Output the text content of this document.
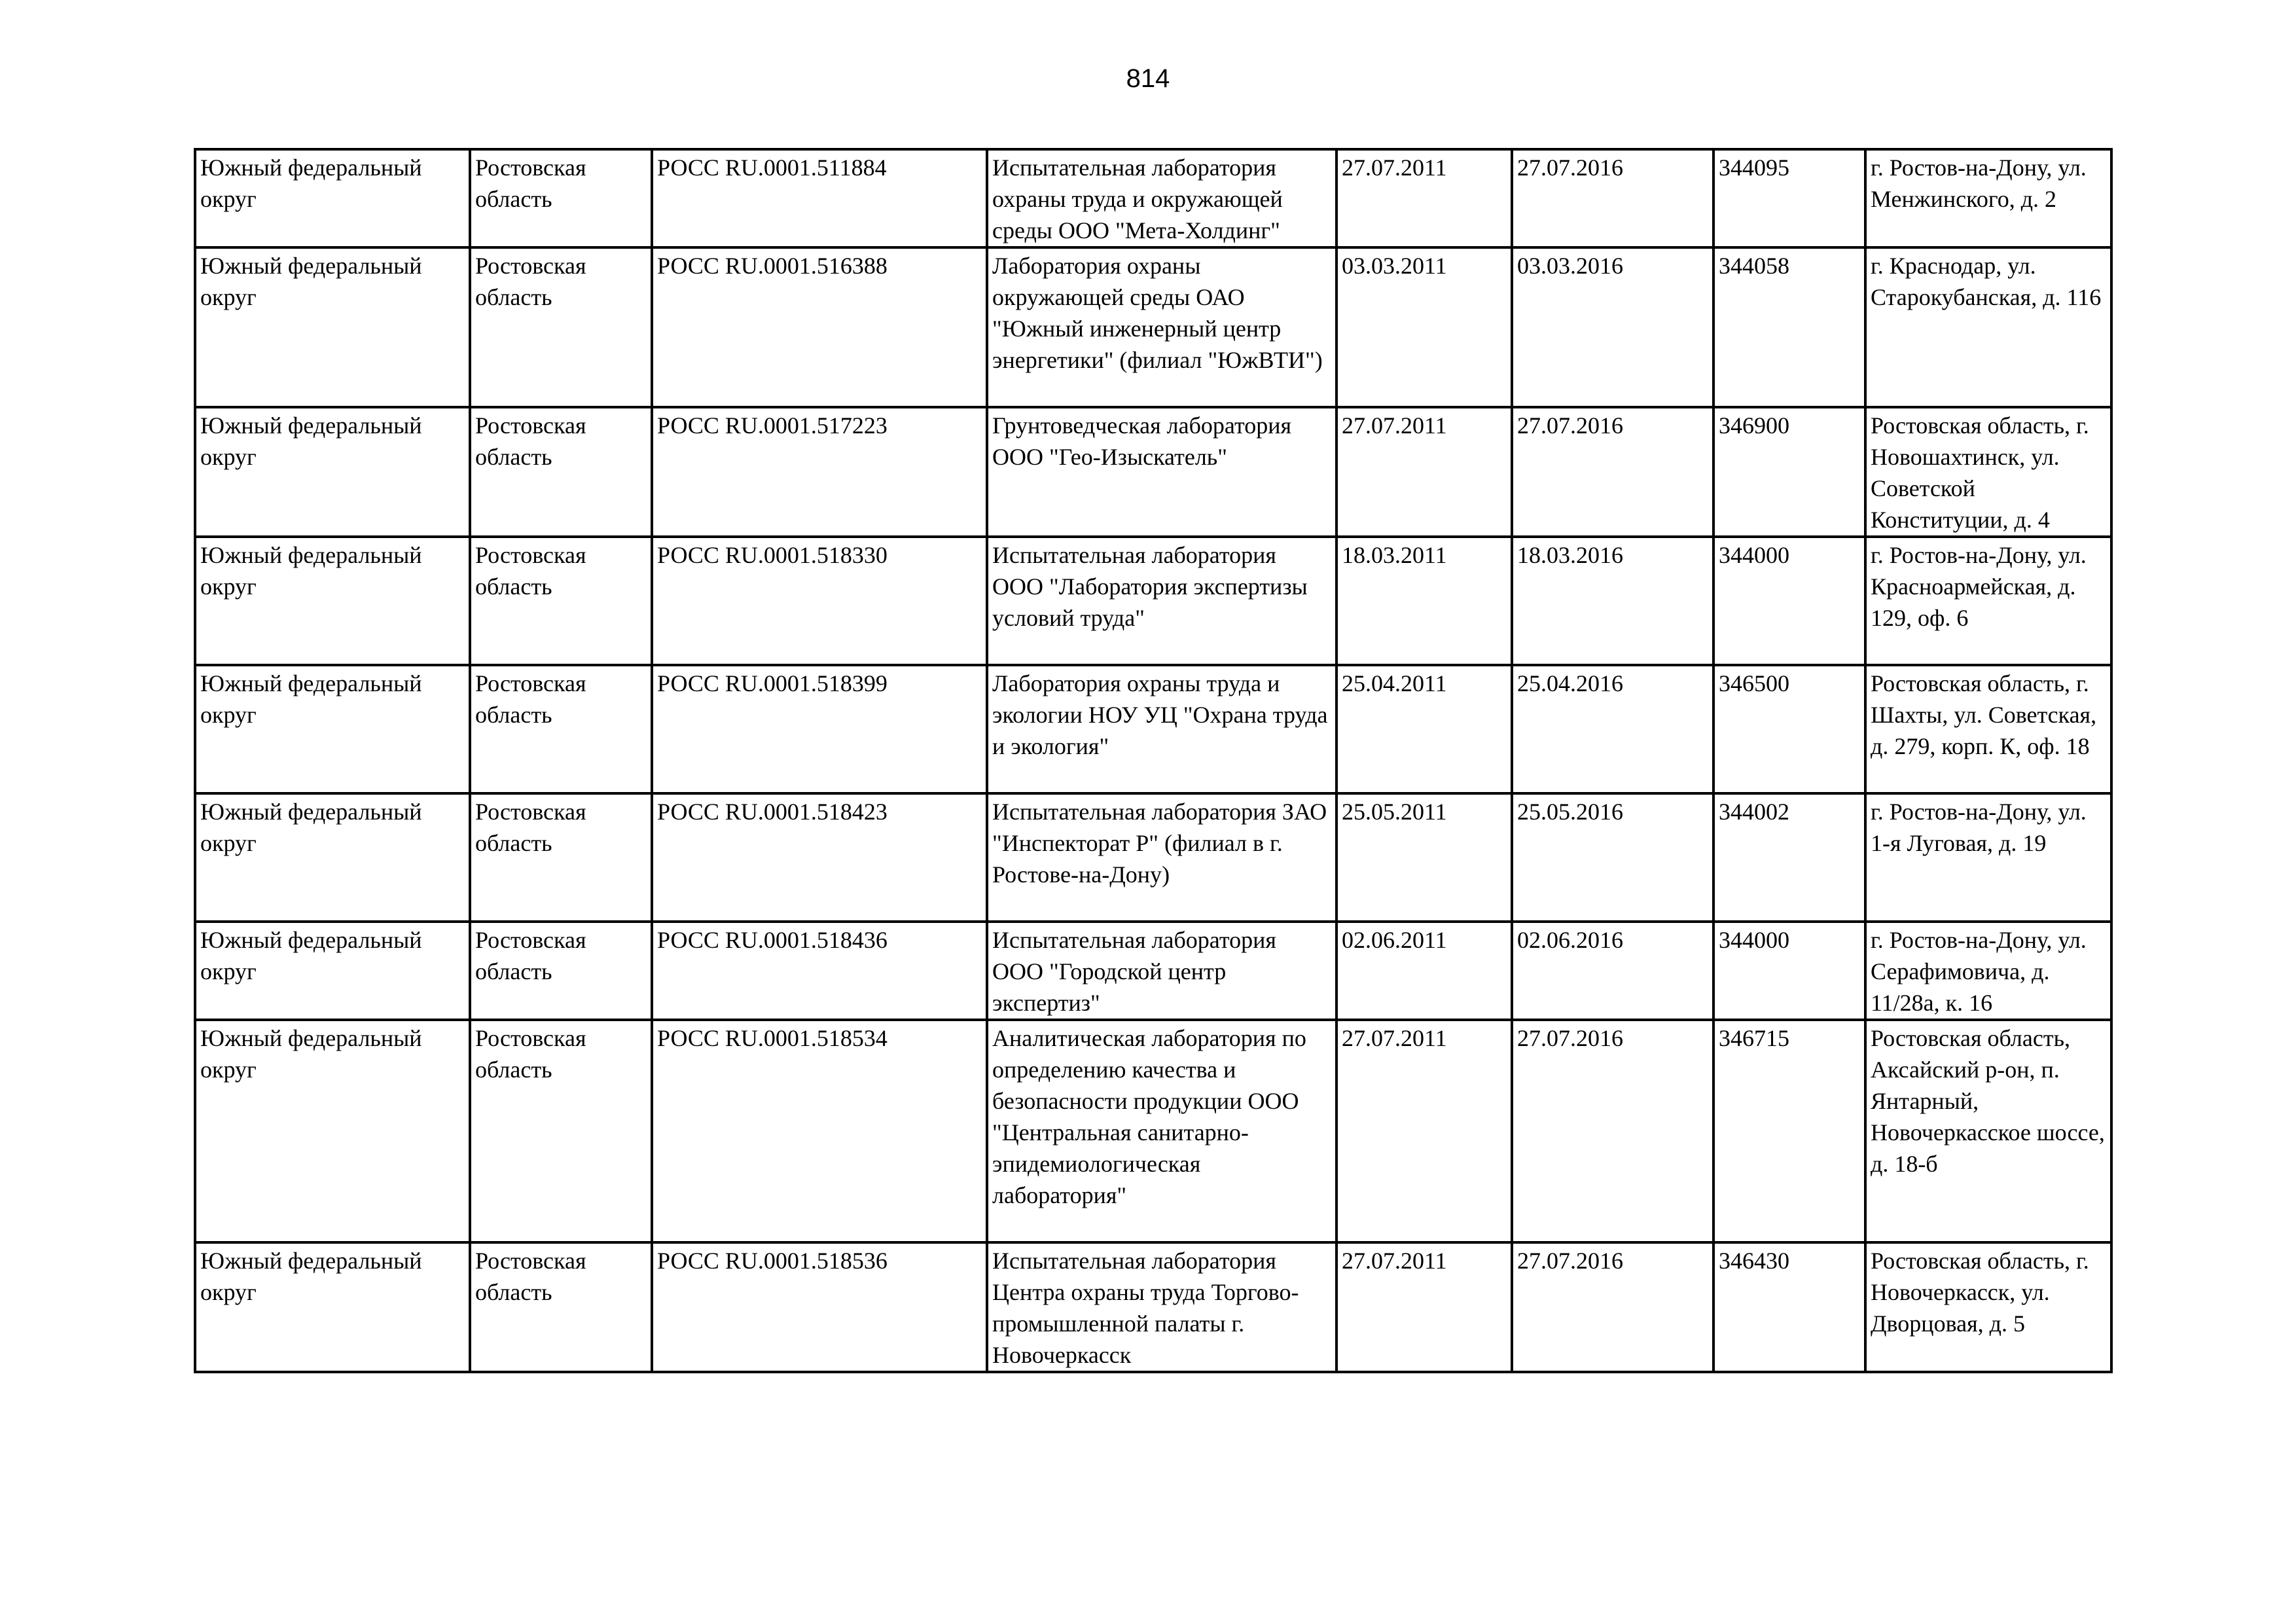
814
Южный федеральный округ	Ростовская область	РОСС RU.0001.511884	Испытательная лаборатория охраны труда и окружающей среды ООО "Мета-Холдинг"	27.07.2011	27.07.2016	344095	г. Ростов-на-Дону, ул. Менжинского, д. 2
Южный федеральный округ	Ростовская область	РОСС RU.0001.516388	Лаборатория охраны окружающей среды ОАО "Южный инженерный центр энергетики" (филиал "ЮжВТИ")	03.03.2011	03.03.2016	344058	г. Краснодар, ул. Старокубанская, д. 116
Южный федеральный округ	Ростовская область	РОСС RU.0001.517223	Грунтоведческая лаборатория ООО "Гео-Изыскатель"	27.07.2011	27.07.2016	346900	Ростовская область, г. Новошахтинск, ул. Советской Конституции, д. 4
Южный федеральный округ	Ростовская область	РОСС RU.0001.518330	Испытательная лаборатория ООО "Лаборатория экспертизы условий труда"	18.03.2011	18.03.2016	344000	г. Ростов-на-Дону, ул. Красноармейская, д. 129, оф. 6
Южный федеральный округ	Ростовская область	РОСС RU.0001.518399	Лаборатория охраны труда и экологии НОУ УЦ "Охрана труда и экология"	25.04.2011	25.04.2016	346500	Ростовская область, г. Шахты, ул. Советская, д. 279, корп. К, оф. 18
Южный федеральный округ	Ростовская область	РОСС RU.0001.518423	Испытательная лаборатория ЗАО "Инспекторат Р" (филиал в г. Ростове-на-Дону)	25.05.2011	25.05.2016	344002	г. Ростов-на-Дону, ул. 1-я Луговая, д. 19
Южный федеральный округ	Ростовская область	РОСС RU.0001.518436	Испытательная лаборатория ООО "Городской центр экспертиз"	02.06.2011	02.06.2016	344000	г. Ростов-на-Дону, ул. Серафимовича, д. 11/28а, к. 16
Южный федеральный округ	Ростовская область	РОСС RU.0001.518534	Аналитическая лаборатория по определению качества и безопасности продукции ООО "Центральная санитарно-эпидемиологическая лаборатория"	27.07.2011	27.07.2016	346715	Ростовская область, Аксайский р-он, п. Янтарный, Новочеркасское шоссе, д. 18-б
Южный федеральный округ	Ростовская область	РОСС RU.0001.518536	Испытательная лаборатория Центра охраны труда Торгово-промышленной палаты г. Новочеркасск	27.07.2011	27.07.2016	346430	Ростовская область, г. Новочеркасск, ул. Дворцовая, д. 5
